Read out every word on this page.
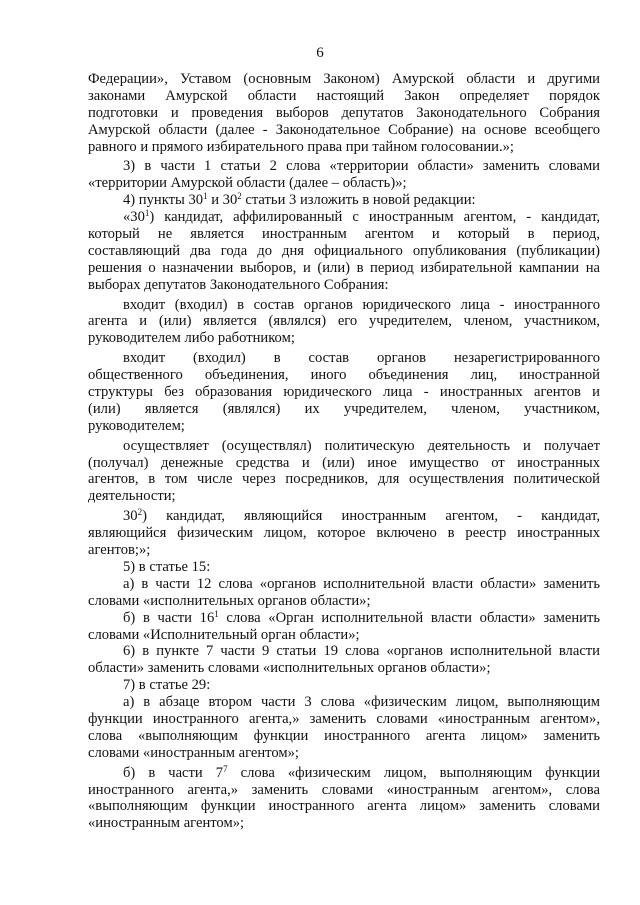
6
Федерации», Уставом (основным Законом) Амурской области и другими
законами Амурской области настоящий Закон определяет порядок
подготовки и проведения выборов депутатов Законодательного Собрания
Амурской области (далее - Законодательное Собрание) на основе всеобщего
равного и прямого избирательного права при тайном голосовании.»;
3) в части 1 статьи 2 слова «территории области» заменить словами
«территории Амурской области (далее – область)»;
4) пункты $30^1$ и $30^2$ статьи 3 изложить в новой редакции:
«$30^1$) кандидат, аффилированный с иностранным агентом, - кандидат,
который не является иностранным агентом и который в период,
составляющий два года до дня официального опубликования (публикации)
решения о назначении выборов, и (или) в период избирательной кампании на
выборах депутатов Законодательного Собрания:
входит (входил) в состав органов юридического лица - иностранного
агента и (или) является (являлся) его учредителем, членом, участником,
руководителем либо работником;
входит (входил) в состав органов незарегистрированного
общественного объединения, иного объединения лиц, иностранной
структуры без образования юридического лица - иностранных агентов и
(или) является (являлся) их учредителем, членом, участником,
руководителем;
осуществляет (осуществлял) политическую деятельность и получает
(получал) денежные средства и (или) иное имущество от иностранных
агентов, в том числе через посредников, для осуществления политической
деятельности;
$30^2$) кандидат, являющийся иностранным агентом, - кандидат,
являющийся физическим лицом, которое включено в реестр иностранных
агентов;»;
5) в статье 15:
а) в части 12 слова «органов исполнительной власти области» заменить
словами «исполнительных органов области»;
б) в части $16^1$ слова «Орган исполнительной власти области» заменить
словами «Исполнительный орган области»;
6) в пункте 7 части 9 статьи 19 слова «органов исполнительной власти
области» заменить словами «исполнительных органов области»;
7) в статье 29:
а) в абзаце втором части 3 слова «физическим лицом, выполняющим
функции иностранного агента,» заменить словами «иностранным агентом»,
слова «выполняющим функции иностранного агента лицом» заменить
словами «иностранным агентом»;
б) в части $7^7$ слова «физическим лицом, выполняющим функции
иностранного агента,» заменить словами «иностранным агентом», слова
«выполняющим функции иностранного агента лицом» заменить словами
«иностранным агентом»;
